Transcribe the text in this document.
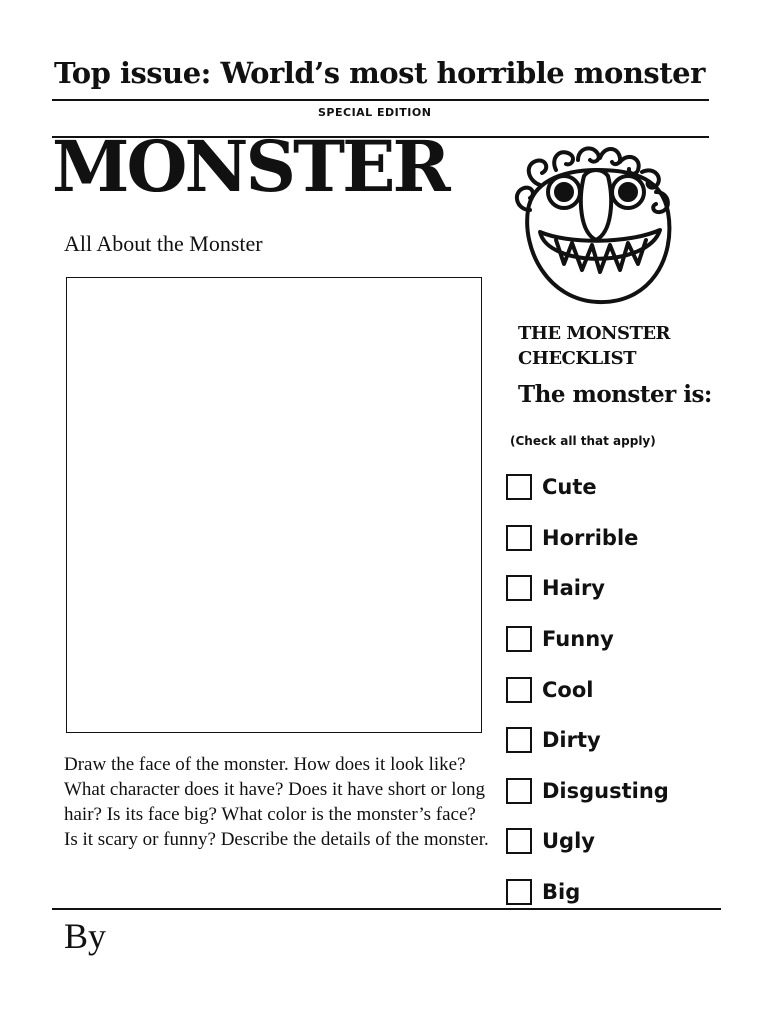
Top issue: World’s most horrible monster
SPECIAL EDITION
MONSTER
All About the Monster
Draw the face of the monster. How does it look like? What character does it have? Does it have short or long hair? Is its face big? What color is the monster’s face? Is it scary or funny? Describe the details of the monster.
THE MONSTER CHECKLIST
The monster is:
(Check all that apply)
Cute
Horrible
Hairy
Funny
Cool
Dirty
Disgusting
Ugly
Big
By
